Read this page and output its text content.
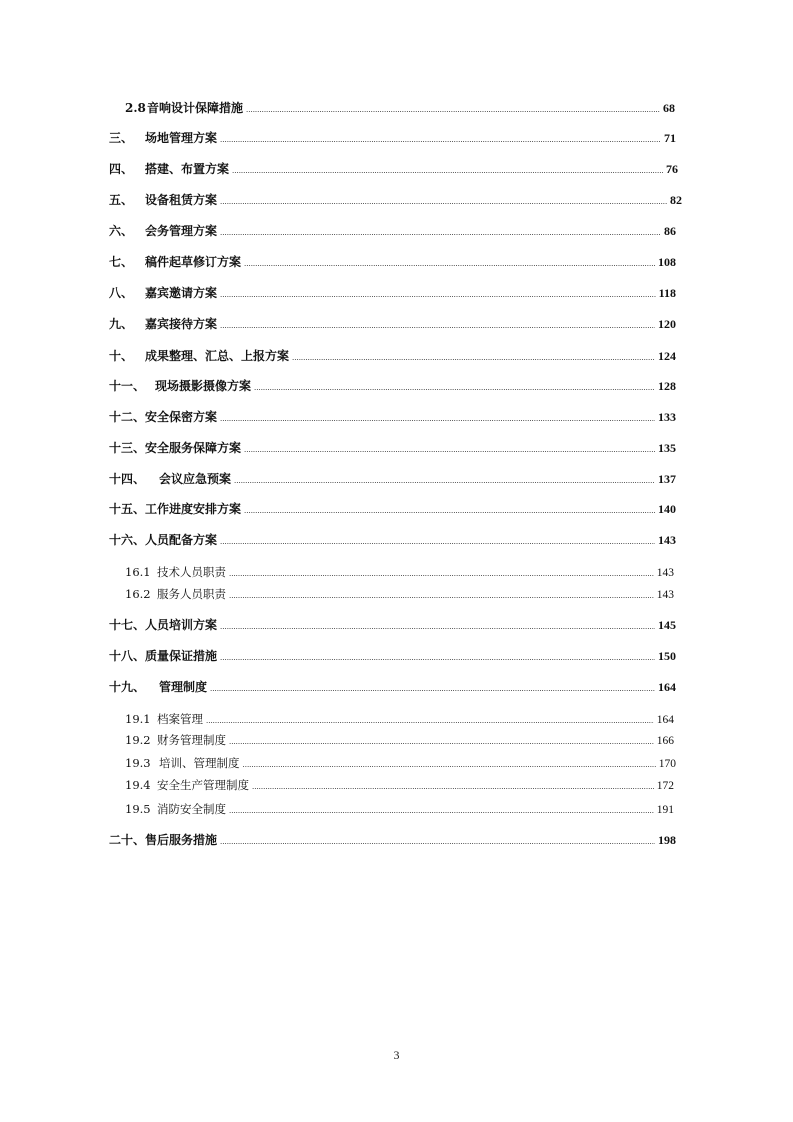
2.8 音响设计保障措施 .....	68
三、 场地管理方案 .....	71
四、 搭建、布置方案 .....	76
五、 设备租赁方案 .....	82
六、 会务管理方案 .....	86
七、 稿件起草修订方案 .....	108
八、 嘉宾邀请方案 .....	118
九、 嘉宾接待方案 .....	120
十、 成果整理、汇总、上报方案 .....	124
十一、 现场摄影摄像方案 .....	128
十二、 安全保密方案 .....	133
十三、 安全服务保障方案 .....	135
十四、	会议应急预案 .....	137
十五、 工作进度安排方案 .....	140
十六、 人员配备方案 .....	143
16.1 技术人员职责 .....	143
16.2 服务人员职责 .....	143
十七、 人员培训方案 .....	145
十八、 质量保证措施 .....	150
十九、	管理制度 .....	164
19.1 档案管理 .....	164
19.2 财务管理制度 .....	166
19.3 培训、管理制度 .....	170
19.4 安全生产管理制度 .....	172
19.5 消防安全制度 .....	191
二十、 售后服务措施 .....	198
3
